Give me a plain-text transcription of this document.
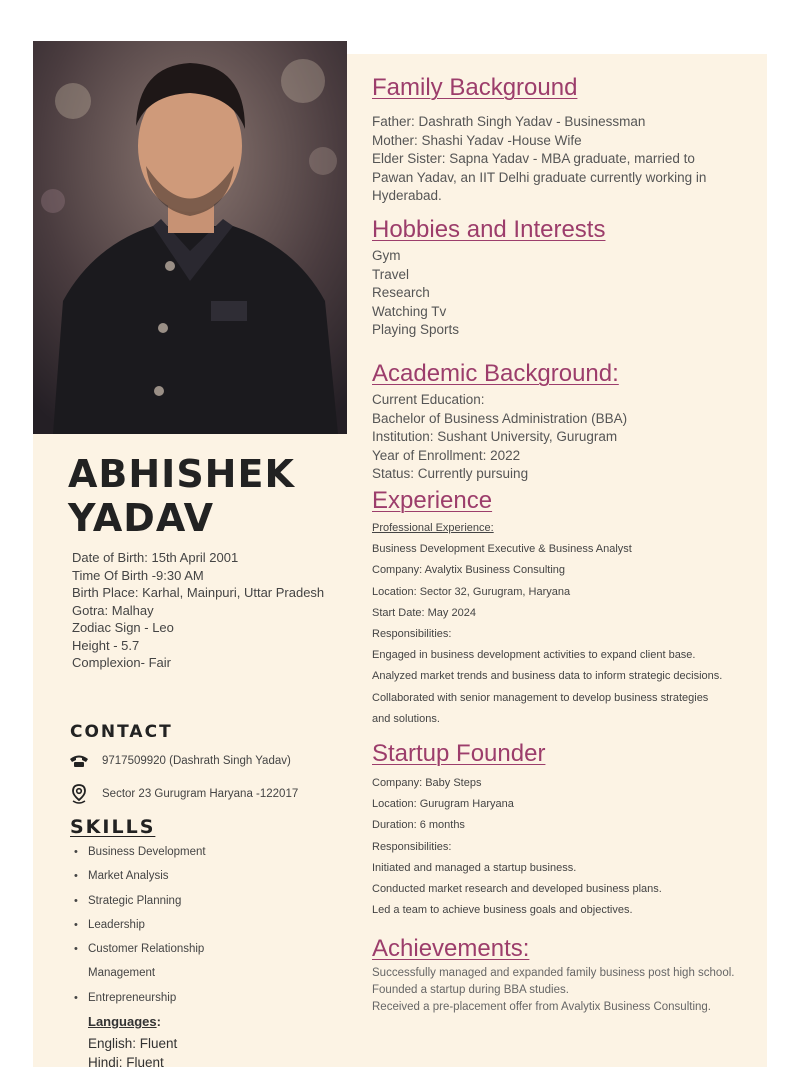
ABHISHEK
YADAV
Date of Birth: 15th April 2001
Time Of Birth -9:30 AM
Birth Place: Karhal, Mainpuri, Uttar Pradesh
Gotra: Malhay
Zodiac Sign - Leo
Height - 5.7
Complexion- Fair
CONTACT
9717509920 (Dashrath Singh Yadav)
Sector 23 Gurugram Haryana -122017
SKILLS
• Business Development
• Market Analysis
• Strategic Planning
• Leadership
• Customer Relationship
Management
• Entrepreneurship
Languages:
English: Fluent
Hindi: Fluent
Family Background
Father: Dashrath Singh Yadav - Businessman
Mother: Shashi Yadav -House Wife
Elder Sister: Sapna Yadav - MBA graduate, married to
Pawan Yadav, an IIT Delhi graduate currently working in
Hyderabad.
Hobbies and Interests
Gym
Travel
Research
Watching Tv
Playing Sports
Academic Background:
Current Education:
Bachelor of Business Administration (BBA)
Institution: Sushant University, Gurugram
Year of Enrollment: 2022
Status: Currently pursuing
Experience
Professional Experience:
Business Development Executive & Business Analyst
Company: Avalytix Business Consulting
Location: Sector 32, Gurugram, Haryana
Start Date: May 2024
Responsibilities:
Engaged in business development activities to expand client base.
Analyzed market trends and business data to inform strategic decisions.
Collaborated with senior management to develop business strategies
and solutions.
Startup Founder
Company: Baby Steps
Location: Gurugram Haryana
Duration: 6 months
Responsibilities:
Initiated and managed a startup business.
Conducted market research and developed business plans.
Led a team to achieve business goals and objectives.
Achievements:
Successfully managed and expanded family business post high school.
Founded a startup during BBA studies.
Received a pre-placement offer from Avalytix Business Consulting.
